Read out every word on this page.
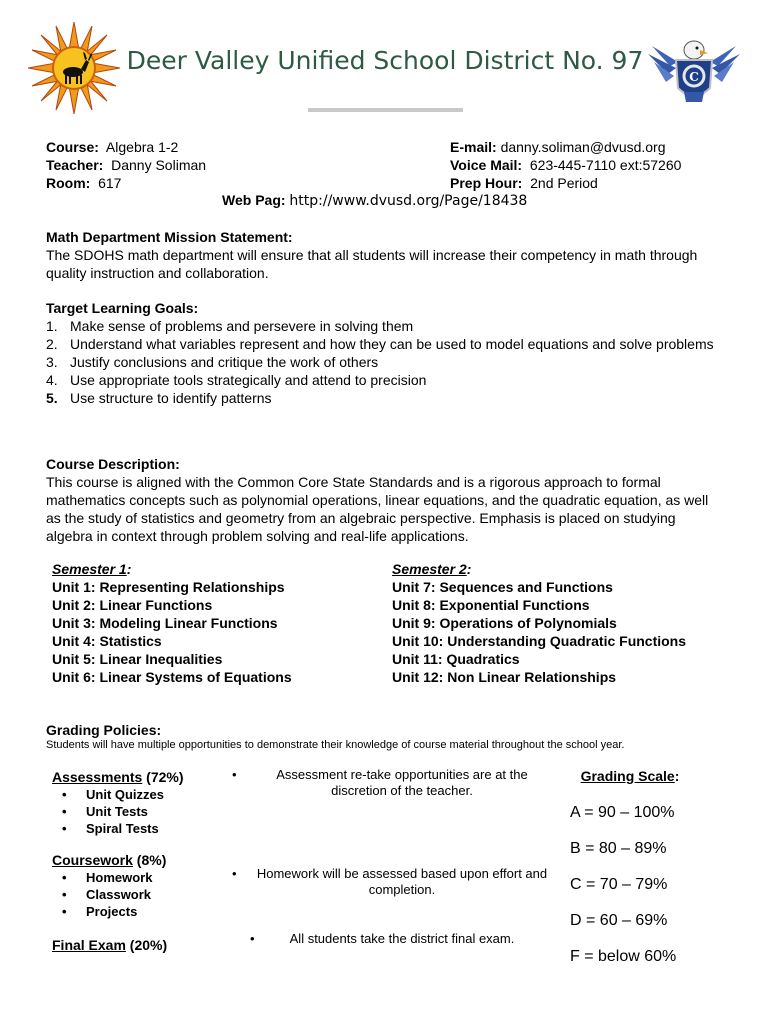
Deer Valley Unified School District No. 97
C
Course: Algebra 1-2
Teacher: Danny Soliman
Room: 617
E-mail: danny.soliman@dvusd.org
Voice Mail: 623-445-7110 ext:57260
Prep Hour: 2nd Period
Web Pag: http://www.dvusd.org/Page/18438
Math Department Mission Statement:
The SDOHS math department will ensure that all students will increase their competency in math through quality instruction and collaboration.
Target Learning Goals:
1. Make sense of problems and persevere in solving them
2. Understand what variables represent and how they can be used to model equations and solve problems
3. Justify conclusions and critique the work of others
4. Use appropriate tools strategically and attend to precision
5. Use structure to identify patterns
Course Description:
This course is aligned with the Common Core State Standards and is a rigorous approach to formal mathematics concepts such as polynomial operations, linear equations, and the quadratic equation, as well as the study of statistics and geometry from an algebraic perspective. Emphasis is placed on studying algebra in context through problem solving and real-life applications.
Semester 1:
Unit 1: Representing Relationships
Unit 2: Linear Functions
Unit 3: Modeling Linear Functions
Unit 4: Statistics
Unit 5: Linear Inequalities
Unit 6: Linear Systems of Equations
Semester 2:
Unit 7: Sequences and Functions
Unit 8: Exponential Functions
Unit 9: Operations of Polynomials
Unit 10: Understanding Quadratic Functions
Unit 11: Quadratics
Unit 12: Non Linear Relationships
Grading Policies:
Students will have multiple opportunities to demonstrate their knowledge of course material throughout the school year.
Assessments (72%)
• Unit Quizzes
• Unit Tests
• Spiral Tests
Coursework (8%)
• Homework
• Classwork
• Projects
Final Exam (20%)
•	Assessment re-take opportunities are at the discretion of the teacher.
•	Homework will be assessed based upon effort and completion.
•	All students take the district final exam.
Grading Scale:
A = 90 – 100%
B = 80 – 89%
C = 70 – 79%
D = 60 – 69%
F = below 60%
